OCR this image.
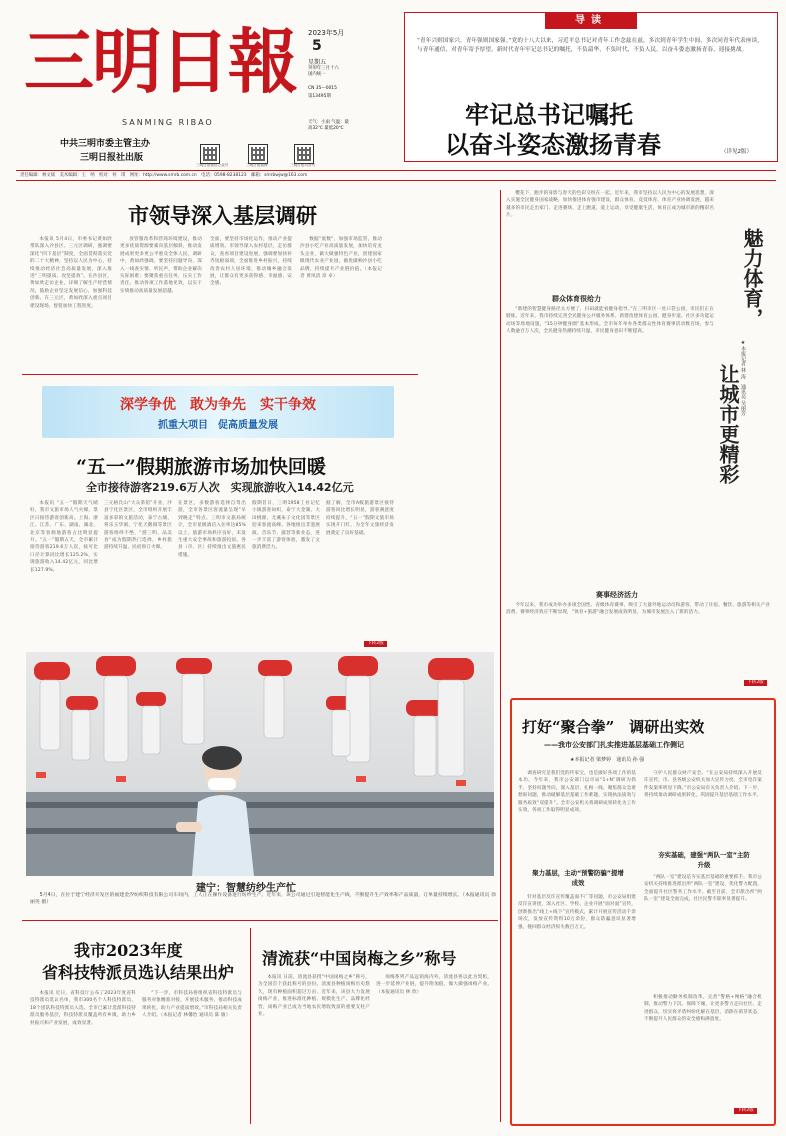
三明日報
SANMING RIBAO
中共三明市委主管主办
三明日报社出版
2023年5月
5
星期五
癸卯年三月十六 国内统一
CN 35—0015
第13495期
天气：小雨 气温：最高32℃ 最低20℃
三明日报微信公众号	三明日报微博	三明日报抖音号
导读
“青年兴则国家兴，青年强则国家强。”党的十八大以来，习近平总书记对青年工作念兹在兹，多次到青年学生中间，多次同青年代表座谈，与青年通信，对青年寄予厚望。新时代青年牢记总书记的嘱托，不负韶华，不负时代，不负人民，以奋斗姿态激扬青春、迎接挑战。
牢记总书记嘱托
以奋斗姿态激扬青春	（详见2版）
责任编辑：林文斌　美术编辑：王　纳　校对：何　琪　网址：http://www.smrb.com.cn　电话：0598-8238123　邮箱：smrbwjw@163.com
市领导深入基层调研
本报讯 5月4日，市委书记黄如欣带队深入沙县区、三元区调研，强调要深化“四下基层”制度，全面贯彻落实党的二十大精神，坚持以人民为中心，持续推动经济社会高质量发展，深入推进“三明提质、攻坚提效”。在沙县区，黄如欣走访企业，详细了解生产经营情况，鼓励企业坚定发展信心，加强科技创新。在三元区，黄如欣深入重点项目建设现场，督促加快工程进度。
放管服改革和营商环境建设，推动更多优质资源要素向基层倾斜，推动发展成果更多更公平惠及全体人民。调研中，黄如欣强调，要坚持问题导向，深入一线查实情、听民声，帮助企业解决实际困难；要聚焦重点任务，压实工作责任，推动各项工作落地见效，以实干实绩推动高质量发展超越。
全面，要坚持市场化运作，推动产业提质增效。市领导深入农村基层，走访群众，查看项目建设进展，强调要加快补齐短板弱项，全面推进乡村振兴，持续改善农村人居环境，推动城乡融合发展，让群众有更多获得感、幸福感、安全感。
数据“底数”，加强市场监管，推动沙县小吃产业高质量发展，加快培育龙头企业，做大做强特色产业，创建国家级现代农业产业园，做优做响沙县小吃品牌，持续提升产业链价值。（本报记者 黄凤清 章 卓）
深学争优　敢为争先　实干争效
抓重大项目　促高质量发展
“五一”假期旅游市场加快回暖
全市接待游客219.6万人次　实现旅游收入14.42亿元
本报讯 “五一”假期天气晴好，我市文旅市场人气火爆，景区日接待游客创新高。上海、浙江、江苏、广东、湖南、湖北、北京等客源地游客占比明显提升。“五一”假期五天，全市累计接待游客219.6万人次，按可比口径计算同比增长125.2%，实现旅游收入14.42亿元，同比增长127.9%。
三元格氏山“大众茶馆”开业，沙县宁化区景区，全市组织开展丰富多彩的文旅活动，泰宁古城、将乐玉华洞、宁化天鹅洞等景区游客络绎不绝，“游三明、品美食”成为假期热门选择，乡村旅游持续升温，民宿预订火爆。
在景区，多数游客选择自驾出游，全市各景区客流量呈现“早到晚走”特点。三明市文旅局统计，全市星级酒店入住率达85%以上，旅游市场秩序良好，未发生重大安全事故和旅游投诉。各县（市、区）持续推出文旅惠民措施。
假期首日，三明1958工业记忆小镇游客如织，泰宁大金湖、大田桃源、尤溪朱子文化园等景区迎来客流高峰。各地推出非遗展演、音乐节、露营等新业态，进一步丰富了游客体验，激发了文旅消费活力。
据了解，全市A级旅游景区接待游客同比增长明显，游客满意度持续提升，“五一”假期文旅市场实现开门红，为全年文旅经济发展奠定了良好基础。
下转2版
建宁：智慧纺纱生产忙
5月4日，在位于建宁经济开发区的福建金汐纺织科技有限公司车间内，工人正在操作设备进行纺纱生产。近年来，该公司通过引进智能化生产线，不断提升生产效率和产品质量，订单量持续增长。（本报通讯员 徐丽英 摄）
我市2023年度
省科技特派员选认结果出炉
本报讯 近日，省科技厅公布了2023年度省科技特派员选认名单，我市300名个人科技特派员、18个团队科技特派员入选。全市已累计选派科技特派员服务基层，科技特派员覆盖所有乡镇，助力乡村振兴和产业发展，成效显著。
“下一步，市科技局将组织省科技特派员与服务对象精准对接，开展技术服务，推动科技成果转化，助力产业提质增效。”市科技局相关负责人介绍。（本报记者 林馨怡 通讯员 陈 敏）
清流获“中国岗梅之乡”称号
本报讯 日前，清流县获授“中国岗梅之乡”称号，为全国首个获此称号的县份。清流县种植岗梅历史悠久，现有种植面积超过万亩，近年来，该县大力发展岗梅产业，推进标准化种植、规模化生产、品牌化经营，岗梅产业已成为当地农民增收致富的重要支柱产业。
岗梅系列产品远销海内外，清流县将以此为契机，进一步延伸产业链，提升附加值，做大做强岗梅产业。（本报通讯员 林 欣）
樱花下，跑步的身影与春天的色彩交织在一起。近年来，我市坚持以人民为中心的发展思想，深入实施全民健身国家战略，加快推进体育强市建设，群众体育、竞技体育、体育产业协调发展，越来越多的市民走出家门、走进赛场、走上跑道，爱上运动，享受健康生活，体育正成为城市新的精彩名片。
魅力体育，
让城市更精彩 ★本报记者 林 涛　通讯员 吴丽芳
群众体育很给力
“新建的智慧健身路径太方便了，扫码就能看健身指导。”在三明市区一处口袋公园，市民们正在锻炼。近年来，我市持续完善全民健身公共服务体系，新建改建体育公园、健身步道、社区多功能运动场等场地设施，“15分钟健身圈”基本形成。全市每年举办各类群众性体育赛事活动数百场，参与人数逾百万人次，全民健身热潮持续升温，市民健身意识不断提高。
赛事经济活力
今年以来，我市成功举办多项全国性、省级体育赛事，吸引了大量外地运动员和游客，带动了住宿、餐饮、旅游等相关产业消费，赛事经济效应不断显现，“体育+旅游”融合发展成效明显，为城市发展注入了新的活力。
下转2版
打好“聚合拳”　调研出实效
——我市公安部门扎实推进基层基础工作侧记
★本报记者 梁梦婷　通讯员 孙 强
调查研究是我们党的传家宝，也是做好各项工作的基本功。今年来，我市公安部门以市局“1+N”调研为抓手，坚持问题导向，深入基层、扎根一线，聚焦群众急难愁盼问题，推动破解基层基础工作难题，实现执法质效与服务质效“双提升”。全市公安机关将调研成果转化为工作实效，各项工作取得明显成效。
守护人民群众财产安全。“在公安局持续深入开展反诈宣传，市、县各级公安机关加大宣传力度，全市电诈案件发案率明显下降。”市公安局有关负责人介绍。下一步，将持续推动调研成果转化，巩固提升基层基础工作水平。
聚力基层，主动“预警防骗”提增成效
针对基层反诈宣传覆盖面不广等问题，市公安局组建反诈宣讲团，深入社区、学校、企业开展“面对面”宣传，创新推出“线上+线下”宣传模式，累计开展宣传活动千余场次，发放宣传资料10万余份，群众防骗意识显著增强，挽回群众经济损失数百万元。
夯实基础，建强“两队一室”主防升级
“两队一室”建设是夯实基层基础的重要抓手。我市公安机关持续推进派出所“两队一室”建设，优化警力配置，全面提升社区警务工作水平。截至目前，全市派出所“两队一室”建设全面完成，社区民警专职率显著提升。
积极推动勤务机制改革，完善“警格+网格”融合机制，推动警力下沉、保障下倾，让更多警力走向社区、走进群众，切实将矛盾纠纷化解在基层、消除在萌芽状态，不断提升人民群众的安全感和满意度。
下转2版
